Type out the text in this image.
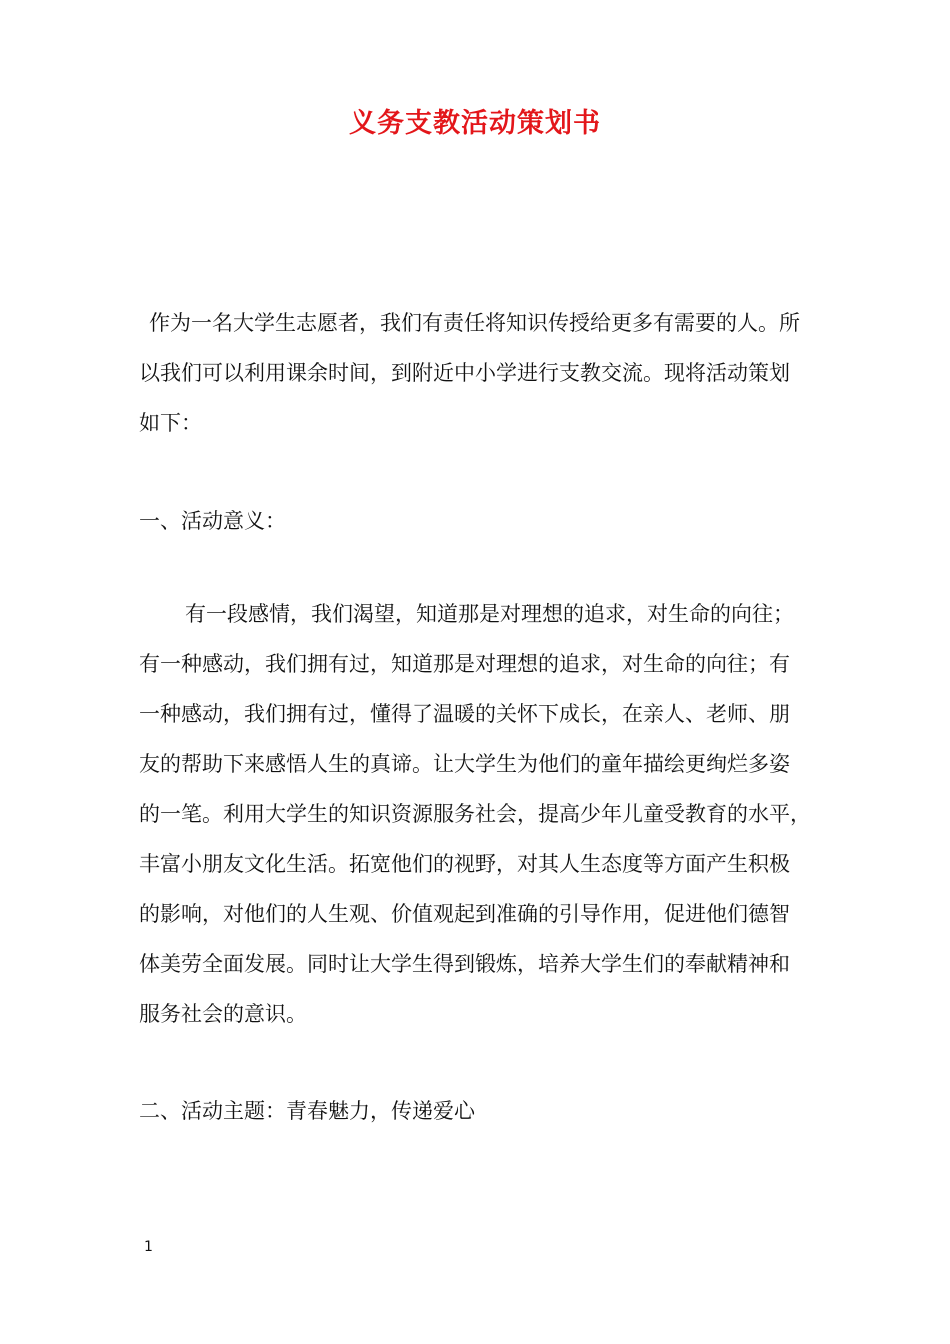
义务支教活动策划书

作为一名大学生志愿者，我们有责任将知识传授给更多有需要的人。所
以我们可以利用课余时间，到附近中小学进行支教交流。现将活动策划
如下：

一、活动意义：

有一段感情，我们渴望，知道那是对理想的追求，对生命的向往；
有一种感动，我们拥有过，知道那是对理想的追求，对生命的向往；有
一种感动，我们拥有过，懂得了温暖的关怀下成长，在亲人、老师、朋
友的帮助下来感悟人生的真谛。让大学生为他们的童年描绘更绚烂多姿
的一笔。利用大学生的知识资源服务社会，提高少年儿童受教育的水平，
丰富小朋友文化生活。拓宽他们的视野，对其人生态度等方面产生积极
的影响，对他们的人生观、价值观起到准确的引导作用，促进他们德智
体美劳全面发展。同时让大学生得到锻炼，培养大学生们的奉献精神和
服务社会的意识。

二、活动主题：青春魅力，传递爱心

1
